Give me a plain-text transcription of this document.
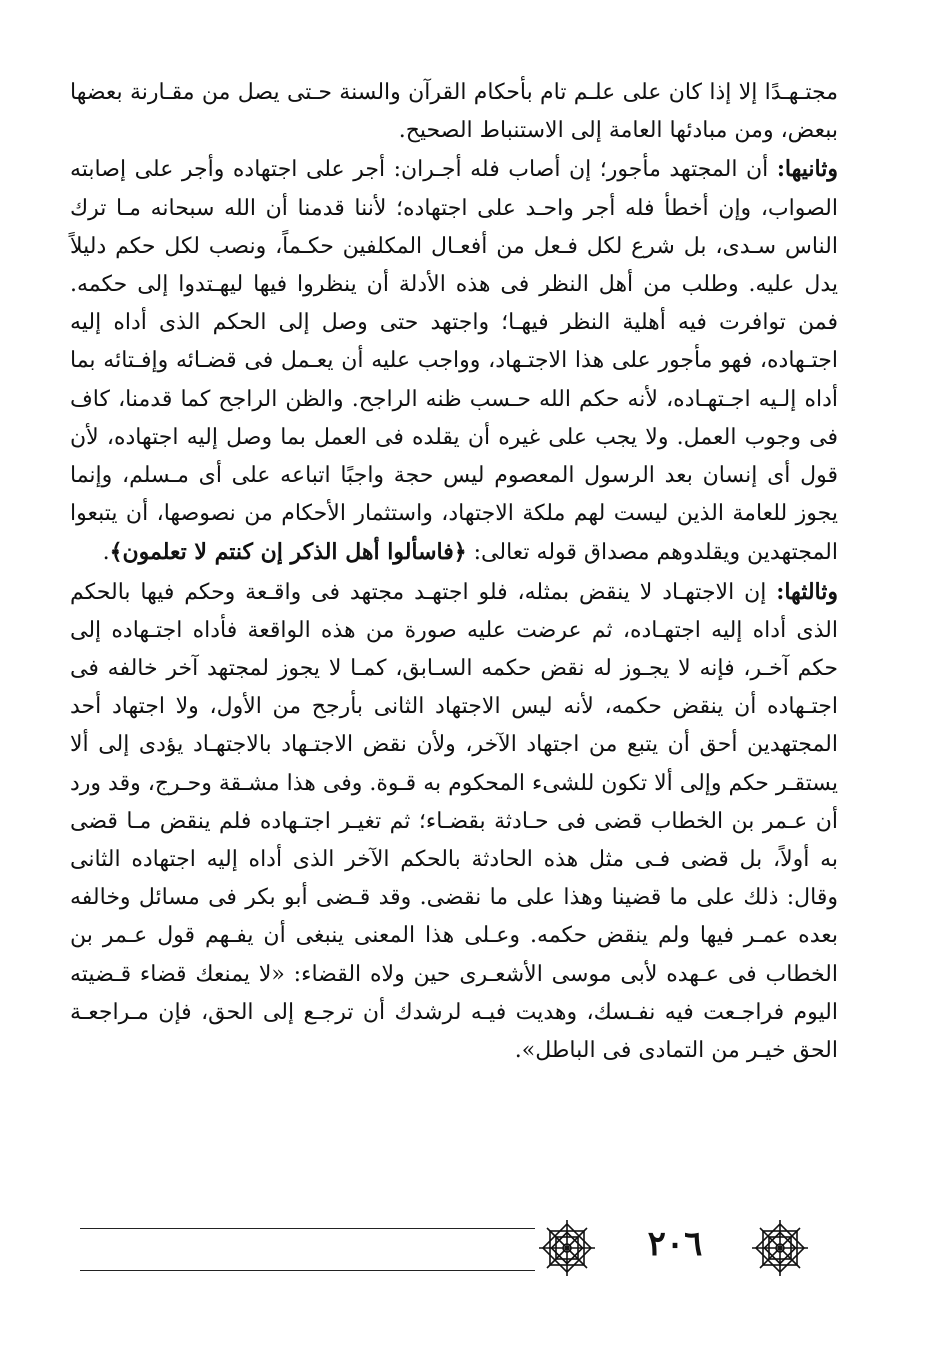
مجتـهـدًا إلا إذا كان على علـم تام بأحكام القرآن والسنة حـتى يصل من مقـارنة بعضها ببعض، ومن مبادئها العامة إلى الاستنباط الصحيح.

وثانيها: أن المجتهد مأجور؛ إن أصاب فله أجـران: أجر على اجتهاده وأجر على إصابته الصواب، وإن أخطأ فله أجر واحـد على اجتهاده؛ لأننا قدمنا أن الله سبحانه مـا ترك الناس سـدى، بل شرع لكل فـعل من أفعـال المكلفين حكـماً، ونصب لكل حكم دليلاً يدل عليه. وطلب من أهل النظر فى هذه الأدلة أن ينظروا فيها ليهـتدوا إلى حكمه. فمن توافرت فيه أهلية النظر فيهـا؛ واجتهد حتى وصل إلى الحكم الذى أداه إليه اجتـهاده، فهو مأجور على هذا الاجتـهاد، وواجب عليه أن يعـمل فى قضـائه وإفـتائه بما أداه إلـيه اجـتهـاده، لأنه حكم الله حـسب ظنه الراجح. والظن الراجح كما قدمنا، كاف فى وجوب العمل. ولا يجب على غيره أن يقلده فى العمل بما وصل إليه اجتهاده، لأن قول أى إنسان بعد الرسول المعصوم ليس حجة واجبًا اتباعه على أى مـسلم، وإنما يجوز للعامة الذين ليست لهم ملكة الاجتهاد، واستثمار الأحكام من نصوصها، أن يتبعوا المجتهدين ويقلدوهم مصداق قوله تعالى: ﴿فاسألوا أهل الذكر إن كنتم لا تعلمون﴾.

وثالثها: إن الاجتهـاد لا ينقض بمثله، فلو اجتهـد مجتهد فى واقـعة وحكم فيها بالحكم الذى أداه إليه اجتهـاده، ثم عرضت عليه صورة من هذه الواقعة فأداه اجتـهاده إلى حكم آخـر، فإنه لا يجـوز له نقض حكمه السـابق، كمـا لا يجوز لمجتهد آخر خالفه فى اجتـهاده أن ينقض حكمه، لأنه ليس الاجتهاد الثانى بأرجح من الأول، ولا اجتهاد أحد المجتهدين أحق أن يتبع من اجتهاد الآخر، ولأن نقض الاجتـهاد بالاجتهـاد يؤدى إلى ألا يستقـر حكم وإلى ألا تكون للشىء المحكوم به قـوة. وفى هذا مشـقة وحـرج، وقد ورد أن عـمر بن الخطاب قضى فى حـادثة بقضـاء؛ ثم تغيـر اجتـهاده فلم ينقض مـا قضى به أولاً، بل قضى فـى مثل هذه الحادثة بالحكم الآخر الذى أداه إليه اجتهاده الثانى وقال: ذلك على ما قضينا وهذا على ما نقضى. وقد قـضى أبو بكر فى مسائل وخالفه بعده عمـر فيها ولم ينقض حكمه. وعـلى هذا المعنى ينبغى أن يفـهم قول عـمر بن الخطاب فى عـهده لأبى موسى الأشعـرى حين ولاه القضاء: «لا يمنعك قضاء قـضيته اليوم فراجـعت فيه نفـسك، وهديت فيـه لرشدك أن ترجـع إلى الحق، فإن مـراجعـة الحق خيـر من التمادى فى الباطل».

٢٠٦
